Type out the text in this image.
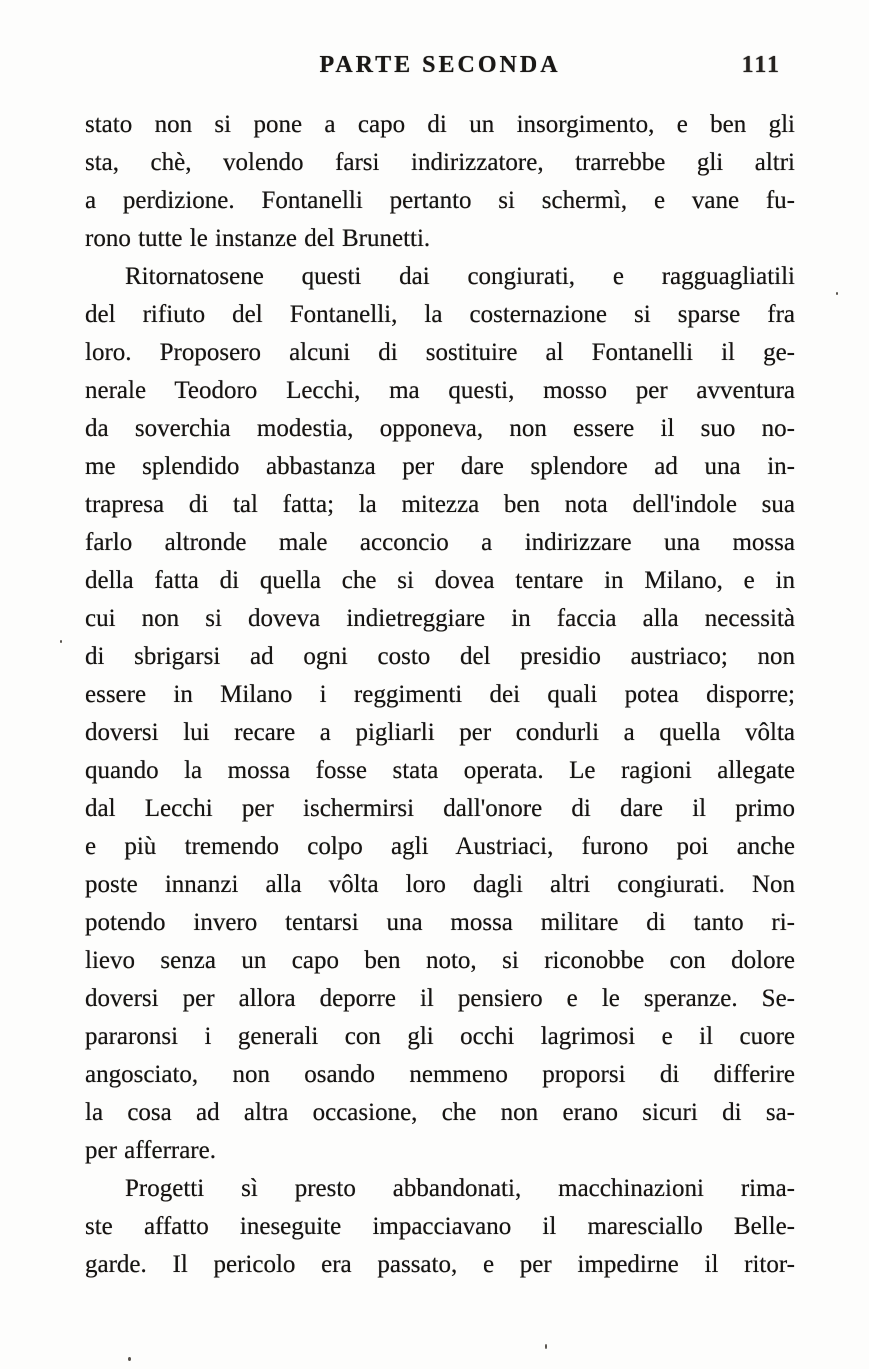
PARTE SECONDA	111
stato non si pone a capo di un insorgimento, e ben gli
sta, chè, volendo farsi indirizzatore, trarrebbe gli altri
a perdizione. Fontanelli pertanto si schermì, e vane fu-
rono tutte le instanze del Brunetti.
Ritornatosene questi dai congiurati, e ragguagliatili
del rifiuto del Fontanelli, la costernazione si sparse fra
loro. Proposero alcuni di sostituire al Fontanelli il ge-
nerale Teodoro Lecchi, ma questi, mosso per avventura
da soverchia modestia, opponeva, non essere il suo no-
me splendido abbastanza per dare splendore ad una in-
trapresa di tal fatta; la mitezza ben nota dell'indole sua
farlo altronde male acconcio a indirizzare una mossa
della fatta di quella che si dovea tentare in Milano, e in
cui non si doveva indietreggiare in faccia alla necessità
di sbrigarsi ad ogni costo del presidio austriaco; non
essere in Milano i reggimenti dei quali potea disporre;
doversi lui recare a pigliarli per condurli a quella vôlta
quando la mossa fosse stata operata. Le ragioni allegate
dal Lecchi per ischermirsi dall'onore di dare il primo
e più tremendo colpo agli Austriaci, furono poi anche
poste innanzi alla vôlta loro dagli altri congiurati. Non
potendo invero tentarsi una mossa militare di tanto ri-
lievo senza un capo ben noto, si riconobbe con dolore
doversi per allora deporre il pensiero e le speranze. Se-
pararonsi i generali con gli occhi lagrimosi e il cuore
angosciato, non osando nemmeno proporsi di differire
la cosa ad altra occasione, che non erano sicuri di sa-
per afferrare.
Progetti sì presto abbandonati, macchinazioni rima-
ste affatto ineseguite impacciavano il maresciallo Belle-
garde. Il pericolo era passato, e per impedirne il ritor-
